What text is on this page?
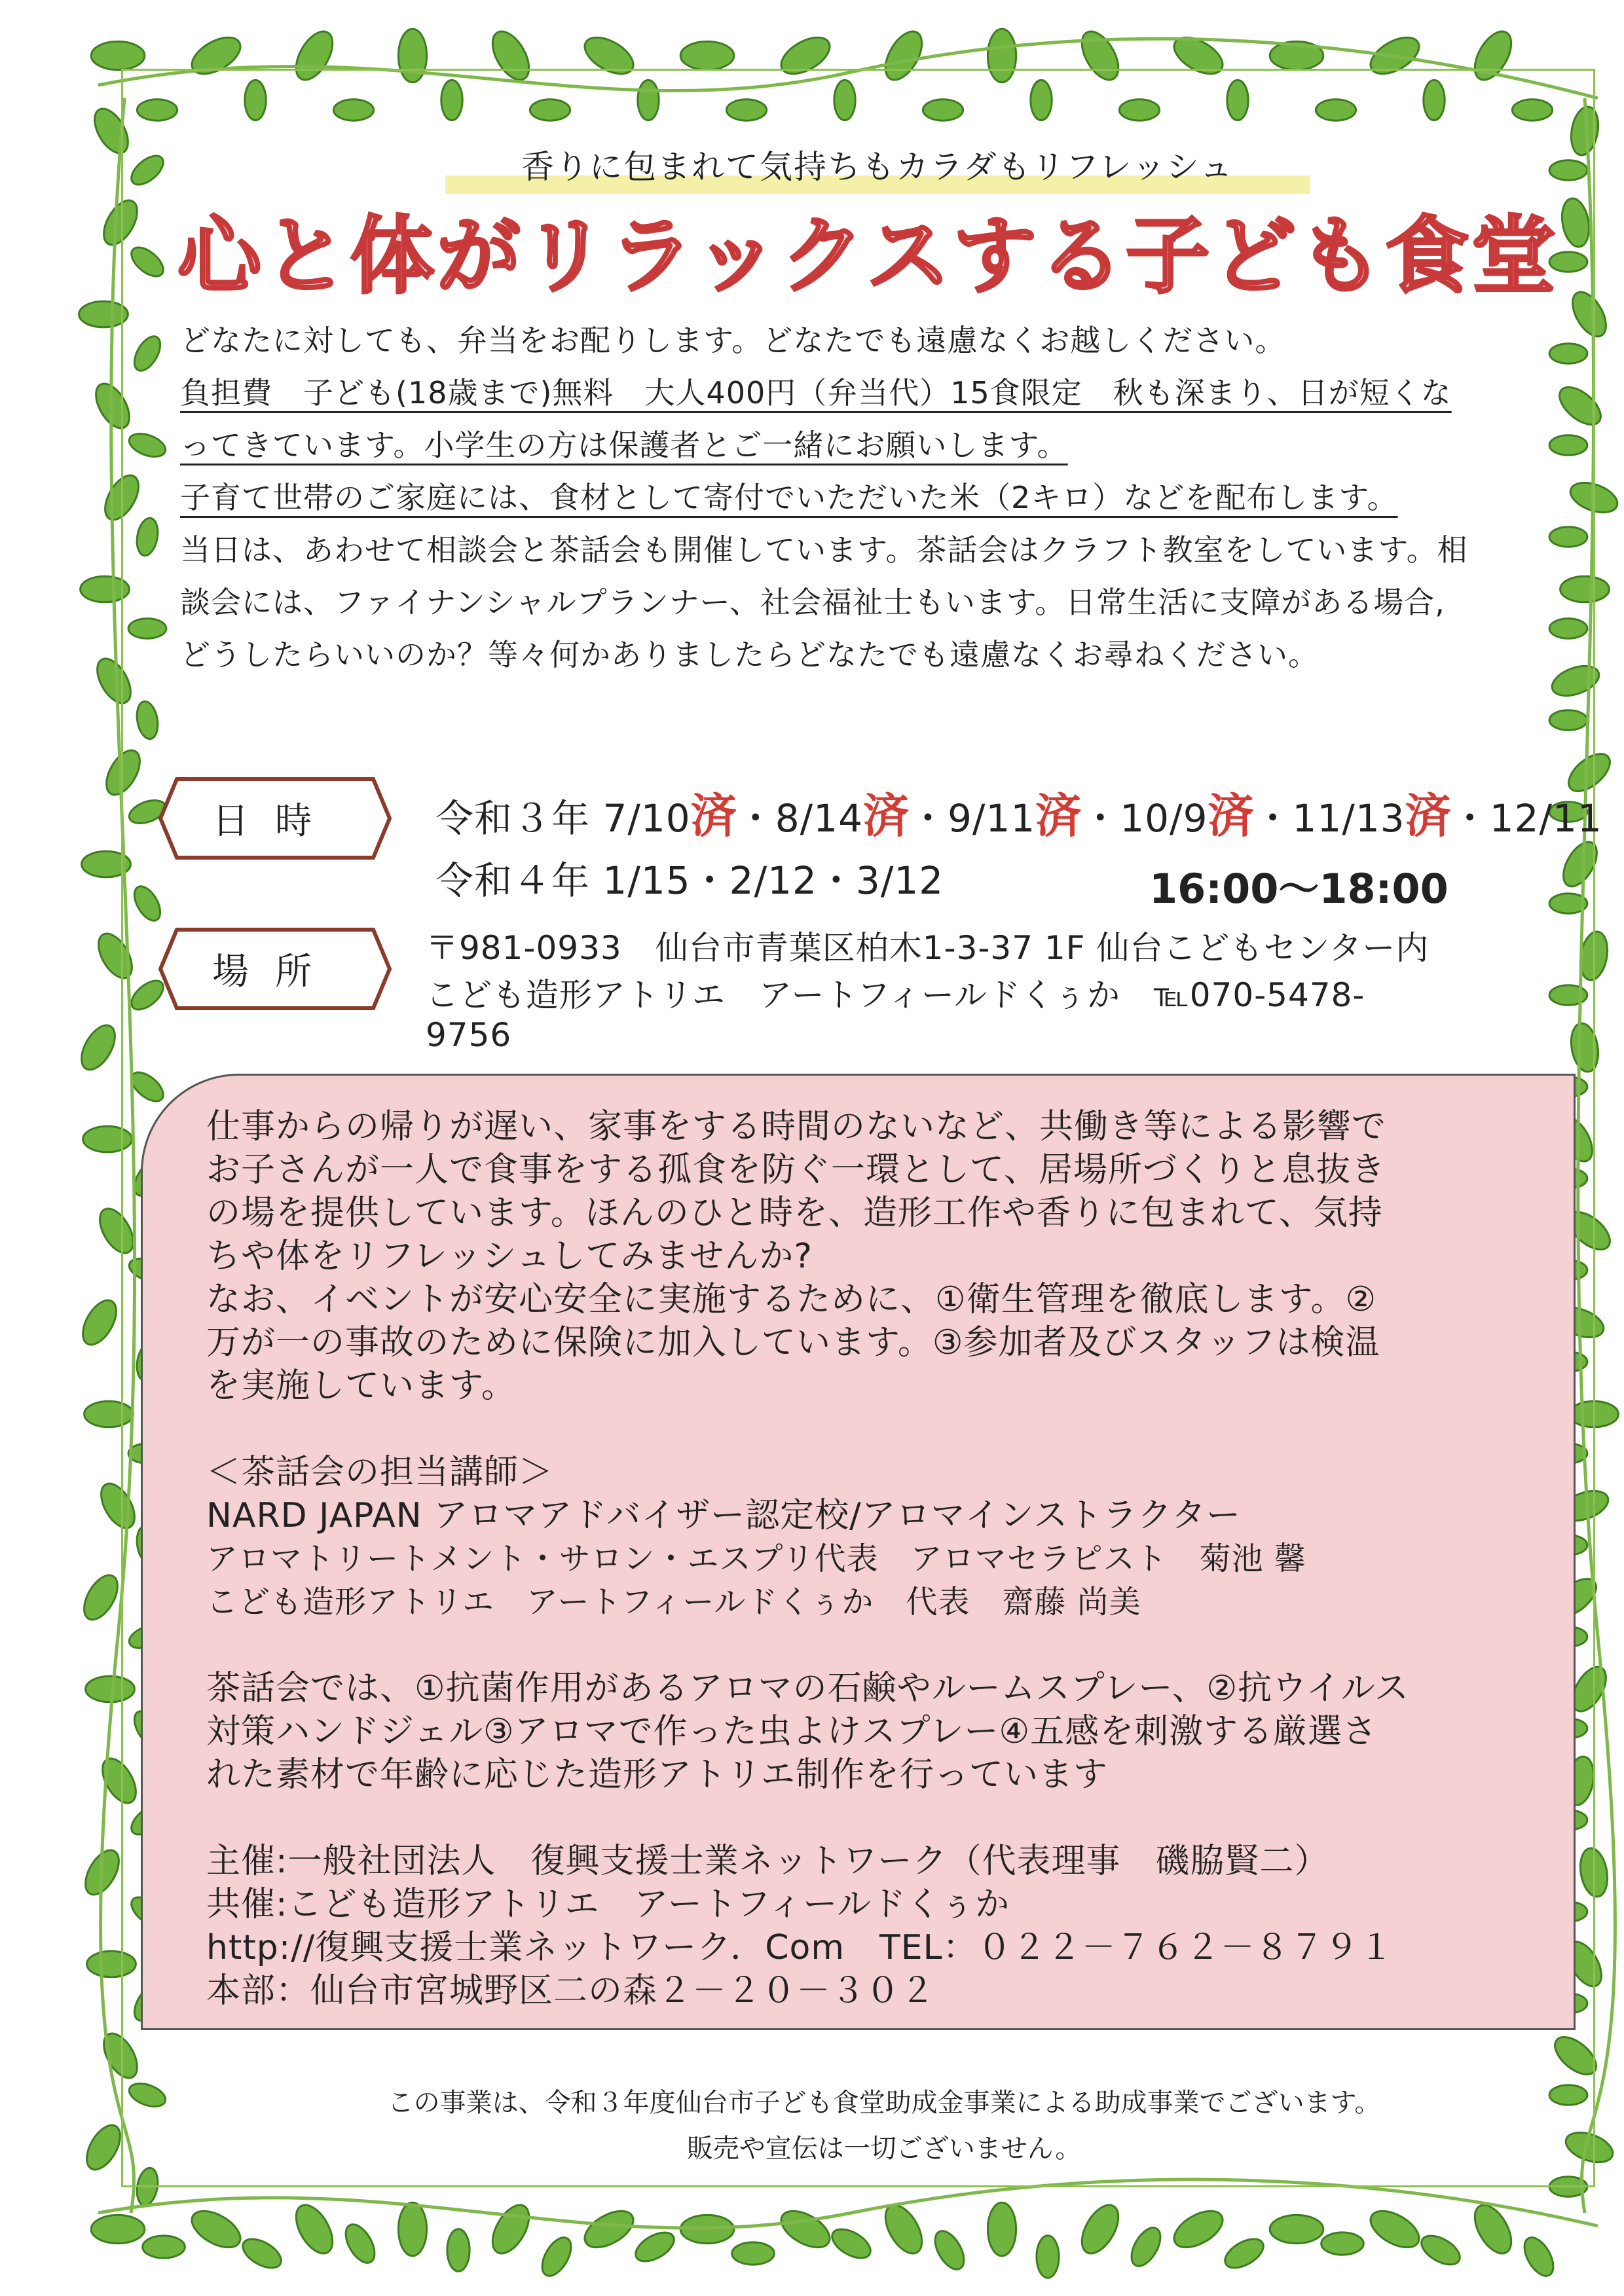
香りに包まれて気持ちもカラダもリフレッシュ
心と体がリラックスする子ども食堂

どなたに対しても、弁当をお配りします。どなたでも遠慮なくお越しください。

負担費　子ども(18歳まで)無料　大人400円（弁当代）15食限定　秋も深まり、日が短くな

ってきています。小学生の方は保護者とご一緒にお願いします。

子育て世帯のご家庭には、食材として寄付でいただいた米（2キロ）などを配布します。

当日は、あわせて相談会と茶話会も開催しています。茶話会はクラフト教室をしています。相

談会には、ファイナンシャルプランナー、社会福祉士もいます。日常生活に支障がある場合,

どうしたらいいのか？等々何かありましたらどなたでも遠慮なくお尋ねください。

日時	令和３年 7/10済・8/14済・9/11済・10/9済・11/13済・12/11
令和４年 1/15・2/12・3/12	16:00～18:00
場所
〒981-0933　仙台市青葉区柏木1-3-37 1F 仙台こどもセンター内
こども造形アトリエ　アートフィールドくぅか　℡070-5478-
9756

仕事からの帰りが遅い、家事をする時間のないなど、共働き等による影響で

お子さんが一人で食事をする孤食を防ぐ一環として、居場所づくりと息抜き

の場を提供しています。ほんのひと時を、造形工作や香りに包まれて、気持

ちや体をリフレッシュしてみませんか?

なお、イベントが安心安全に実施するために、①衛生管理を徹底します。②

万が一の事故のために保険に加入しています。③参加者及びスタッフは検温

を実施しています。

＜茶話会の担当講師＞

NARD JAPAN アロマアドバイザー認定校/アロマインストラクター

アロマトリートメント・サロン・エスプリ代表　アロマセラピスト　菊池 馨

こども造形アトリエ　アートフィールドくぅか　代表　齋藤 尚美

茶話会では、①抗菌作用があるアロマの石鹸やルームスプレー、②抗ウイルス

対策ハンドジェル③アロマで作った虫よけスプレー④五感を刺激する厳選さ

れた素材で年齢に応じた造形アトリエ制作を行っています

主催:一般社団法人　復興支援士業ネットワーク（代表理事　磯脇賢二）

共催:こども造形アトリエ　アートフィールドくぅか

http://復興支援士業ネットワーク．Com　TEL：０２２－７６２－８７９１

本部：仙台市宮城野区二の森２－２０－３０２

この事業は、令和３年度仙台市子ども食堂助成金事業による助成事業でございます。
販売や宣伝は一切ございません。
